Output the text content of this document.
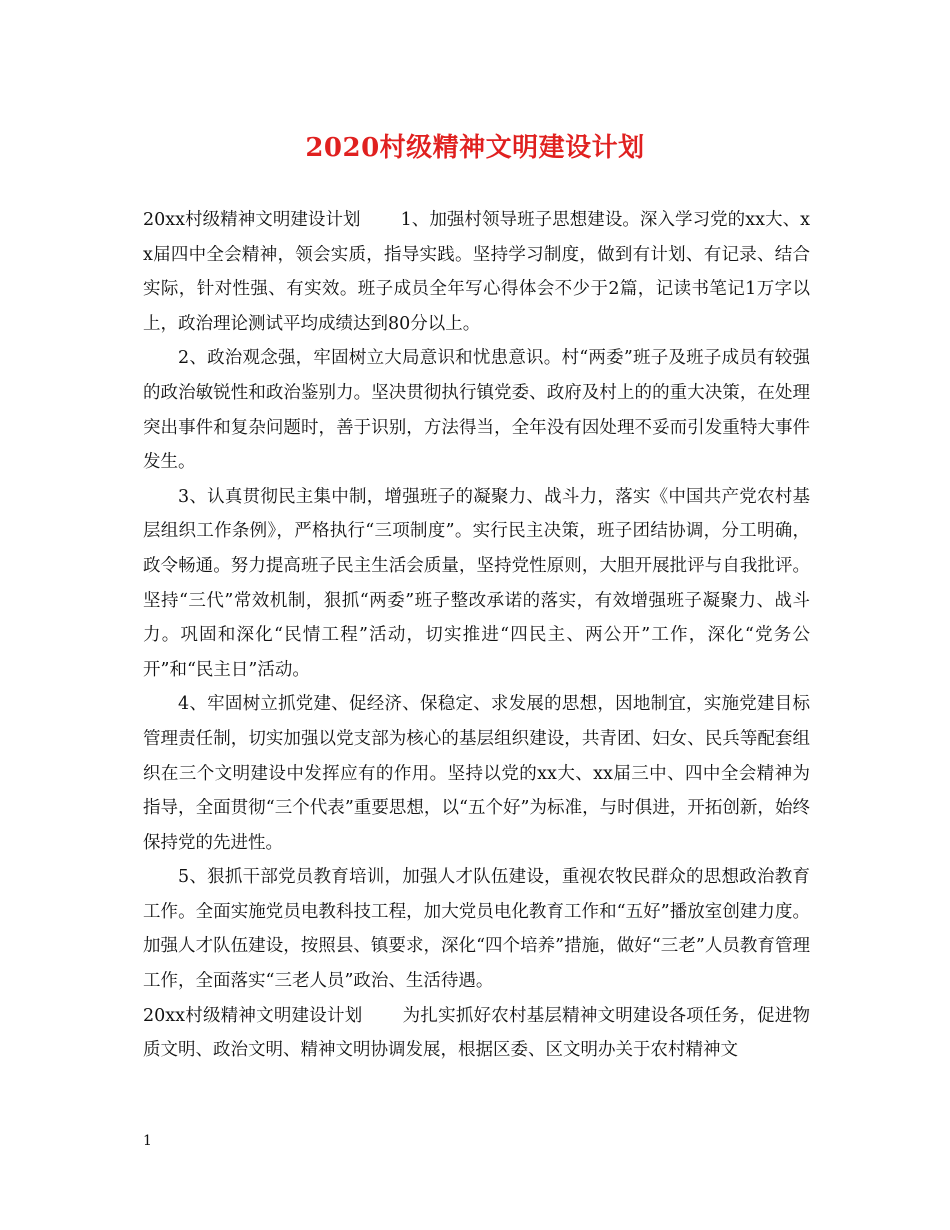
2020村级精神文明建设计划

20xx村级精神文明建设计划 1、加强村领导班子思想建设。深入学习党的xx大、xx届四中全会精神，领会实质，指导实践。坚持学习制度，做到有计划、有记录、结合实际，针对性强、有实效。班子成员全年写心得体会不少于2篇，记读书笔记1万字以上，政治理论测试平均成绩达到80分以上。

2、政治观念强，牢固树立大局意识和忧患意识。村“两委”班子及班子成员有较强的政治敏锐性和政治鉴别力。坚决贯彻执行镇党委、政府及村上的的重大决策，在处理突出事件和复杂问题时，善于识别，方法得当，全年没有因处理不妥而引发重特大事件发生。

3、认真贯彻民主集中制，增强班子的凝聚力、战斗力，落实《中国共产党农村基层组织工作条例》，严格执行“三项制度”。实行民主决策，班子团结协调，分工明确，政令畅通。努力提高班子民主生活会质量，坚持党性原则，大胆开展批评与自我批评。坚持“三代”常效机制，狠抓“两委”班子整改承诺的落实，有效增强班子凝聚力、战斗力。巩固和深化“民情工程”活动，切实推进“四民主、两公开”工作，深化“党务公开”和“民主日”活动。

4、牢固树立抓党建、促经济、保稳定、求发展的思想，因地制宜，实施党建目标管理责任制，切实加强以党支部为核心的基层组织建设，共青团、妇女、民兵等配套组织在三个文明建设中发挥应有的作用。坚持以党的xx大、xx届三中、四中全会精神为指导，全面贯彻“三个代表”重要思想，以“五个好”为标准，与时俱进，开拓创新，始终保持党的先进性。

5、狠抓干部党员教育培训，加强人才队伍建设，重视农牧民群众的思想政治教育工作。全面实施党员电教科技工程，加大党员电化教育工作和“五好”播放室创建力度。加强人才队伍建设，按照县、镇要求，深化“四个培养”措施，做好“三老”人员教育管理工作，全面落实“三老人员”政治、生活待遇。

20xx村级精神文明建设计划 为扎实抓好农村基层精神文明建设各项任务，促进物质文明、政治文明、精神文明协调发展，根据区委、区文明办关于农村精神文

1
